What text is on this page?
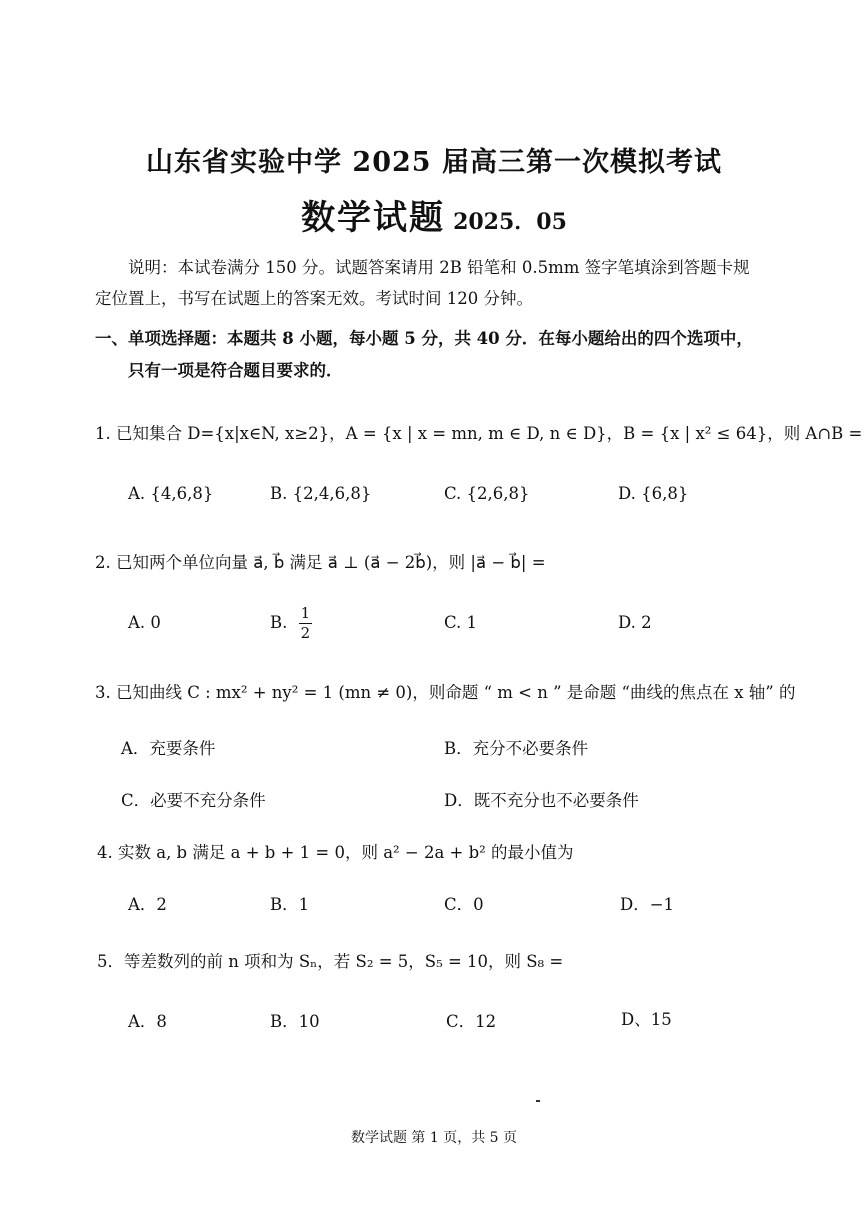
山东省实验中学 2025 届高三第一次模拟考试
数学试题 2025．05
说明：本试卷满分 150 分。试题答案请用 2B 铅笔和 0.5mm 签字笔填涂到答题卡规
定位置上，书写在试题上的答案无效。考试时间 120 分钟。
一、单项选择题：本题共 8 小题，每小题 5 分，共 40 分．在每小题给出的四个选项中，
只有一项是符合题目要求的．
1. 已知集合 D={x|x∈N, x≥2}，A = {x | x = mn, m ∈ D, n ∈ D}，B = {x | x² ≤ 64}，则 A∩B =
A. {4,6,8}	B. {2,4,6,8}	C. {2,6,8}	D. {6,8}
2. 已知两个单位向量 a⃗, b⃗ 满足 a⃗ ⊥ (a⃗ − 2b⃗)，则 |a⃗ − b⃗| =
A. 0	B. $\frac{1}{2}$	C. 1	D. 2
3. 已知曲线 C : mx² + ny² = 1 (mn ≠ 0)，则命题 “ m < n ” 是命题 “曲线的焦点在 x 轴” 的
A．充要条件	B．充分不必要条件
C．必要不充分条件	D．既不充分也不必要条件
4. 实数 a, b 满足 a + b + 1 = 0，则 a² − 2a + b² 的最小值为
A．2	B．1	C．0	D．−1
5．等差数列的前 n 项和为 Sₙ，若 S₂ = 5，S₅ = 10，则 S₈ =
A．8	B．10	C．12	D、15
数学试题 第 1 页，共 5 页
